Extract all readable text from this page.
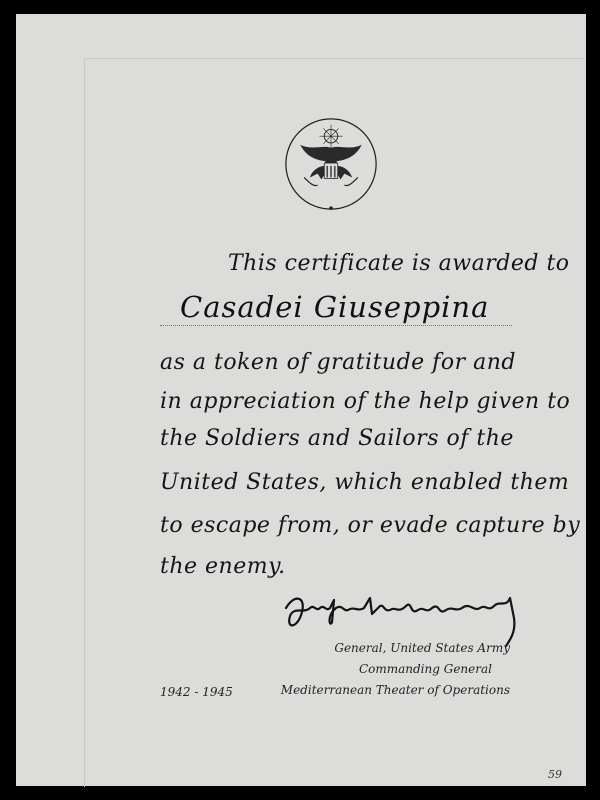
This certificate is awarded to
Casadei Giuseppina
as a token of gratitude for and
in appreciation of the help given to
the Soldiers and Sailors of the
United States, which enabled them
to escape from, or evade capture by
the enemy.
General, United States Army
Commanding General
Mediterranean Theater of Operations
1942 - 1945
59
